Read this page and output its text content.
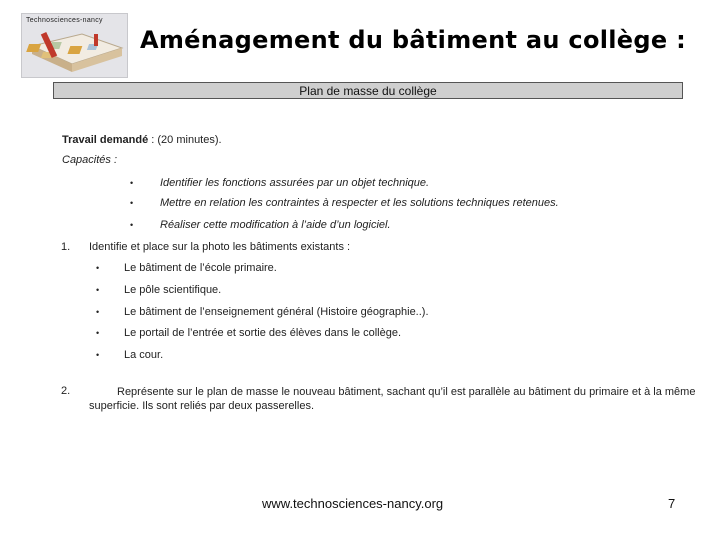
Technosciences-nancy
Aménagement du bâtiment au collège :
Plan de masse du collège
Travail demandé : (20 minutes).
Capacités :
• Identifier les fonctions assurées par un objet technique.
• Mettre en relation les contraintes à respecter et les solutions techniques retenues.
• Réaliser cette modification à l’aide d’un logiciel.
1. Identifie et place sur la photo les bâtiments existants :
• Le bâtiment de l’école primaire.
• Le pôle scientifique.
• Le bâtiment de l’enseignement général (Histoire géographie..).
• Le portail de l’entrée et sortie des élèves dans le collège.
• La cour.
2.	Représente sur le plan de masse le nouveau bâtiment, sachant qu’il est parallèle au bâtiment du primaire et à la même superficie. Ils sont reliés par deux passerelles.
www.technosciences-nancy.org	7
